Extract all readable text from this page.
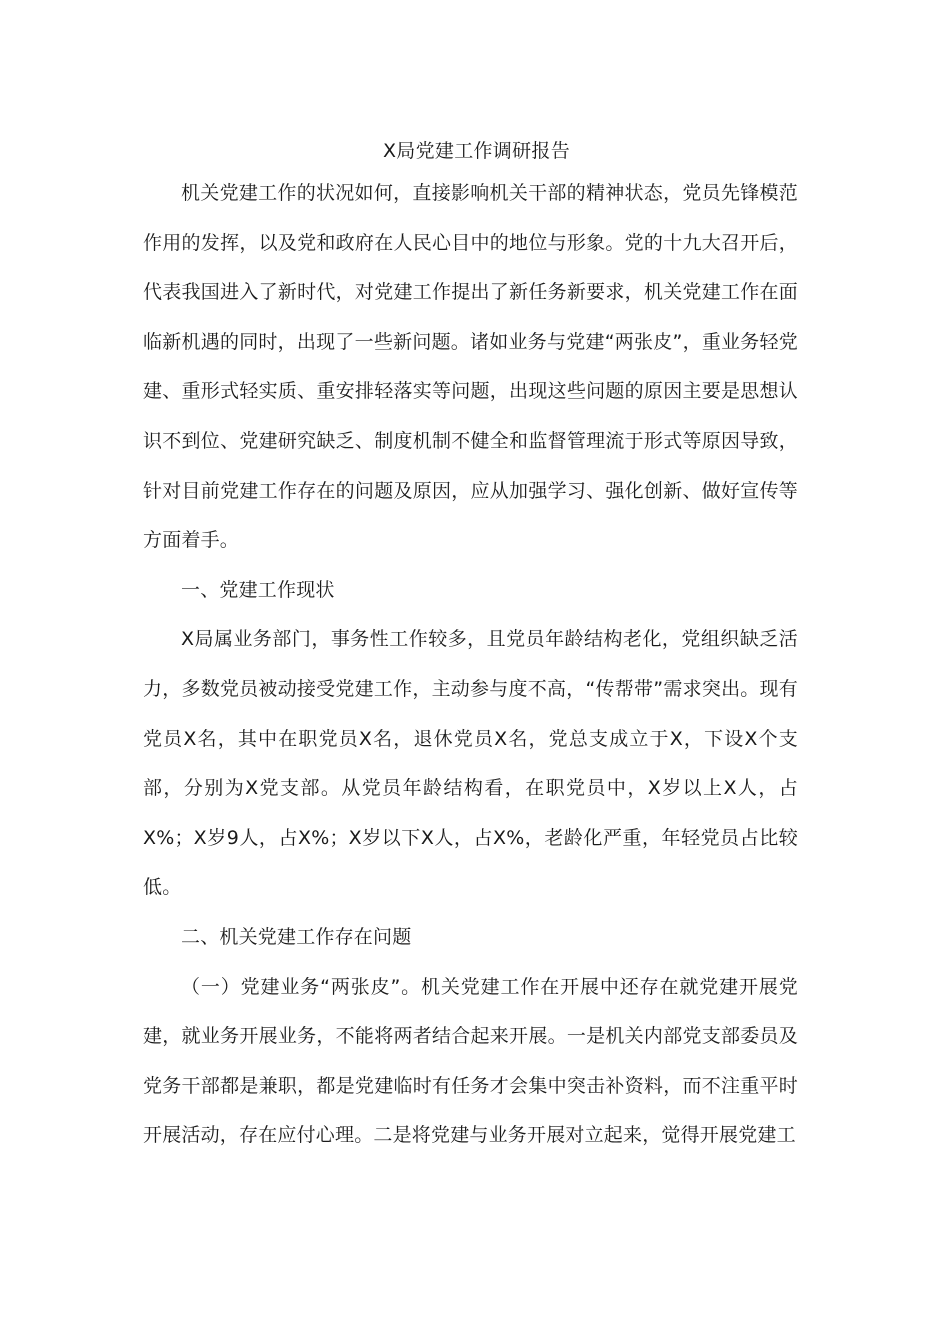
X局党建工作调研报告

机关党建工作的状况如何，直接影响机关干部的精神状态，党员先锋模范作用的发挥，以及党和政府在人民心目中的地位与形象。党的十九大召开后，代表我国进入了新时代，对党建工作提出了新任务新要求，机关党建工作在面临新机遇的同时，出现了一些新问题。诸如业务与党建“两张皮”，重业务轻党建、重形式轻实质、重安排轻落实等问题，出现这些问题的原因主要是思想认识不到位、党建研究缺乏、制度机制不健全和监督管理流于形式等原因导致，针对目前党建工作存在的问题及原因，应从加强学习、强化创新、做好宣传等方面着手。

一、党建工作现状

X局属业务部门，事务性工作较多，且党员年龄结构老化，党组织缺乏活力，多数党员被动接受党建工作，主动参与度不高，“传帮带”需求突出。现有党员X名，其中在职党员X名，退休党员X名，党总支成立于X，下设X个支部，分别为X党支部。从党员年龄结构看，在职党员中，X岁以上X人，占X%；X岁9人，占X%；X岁以下X人，占X%，老龄化严重，年轻党员占比较低。

二、机关党建工作存在问题

（一）党建业务“两张皮”。机关党建工作在开展中还存在就党建开展党建，就业务开展业务，不能将两者结合起来开展。一是机关内部党支部委员及党务干部都是兼职，都是党建临时有任务才会集中突击补资料，而不注重平时开展活动，存在应付心理。二是将党建与业务开展对立起来，觉得开展党建工
